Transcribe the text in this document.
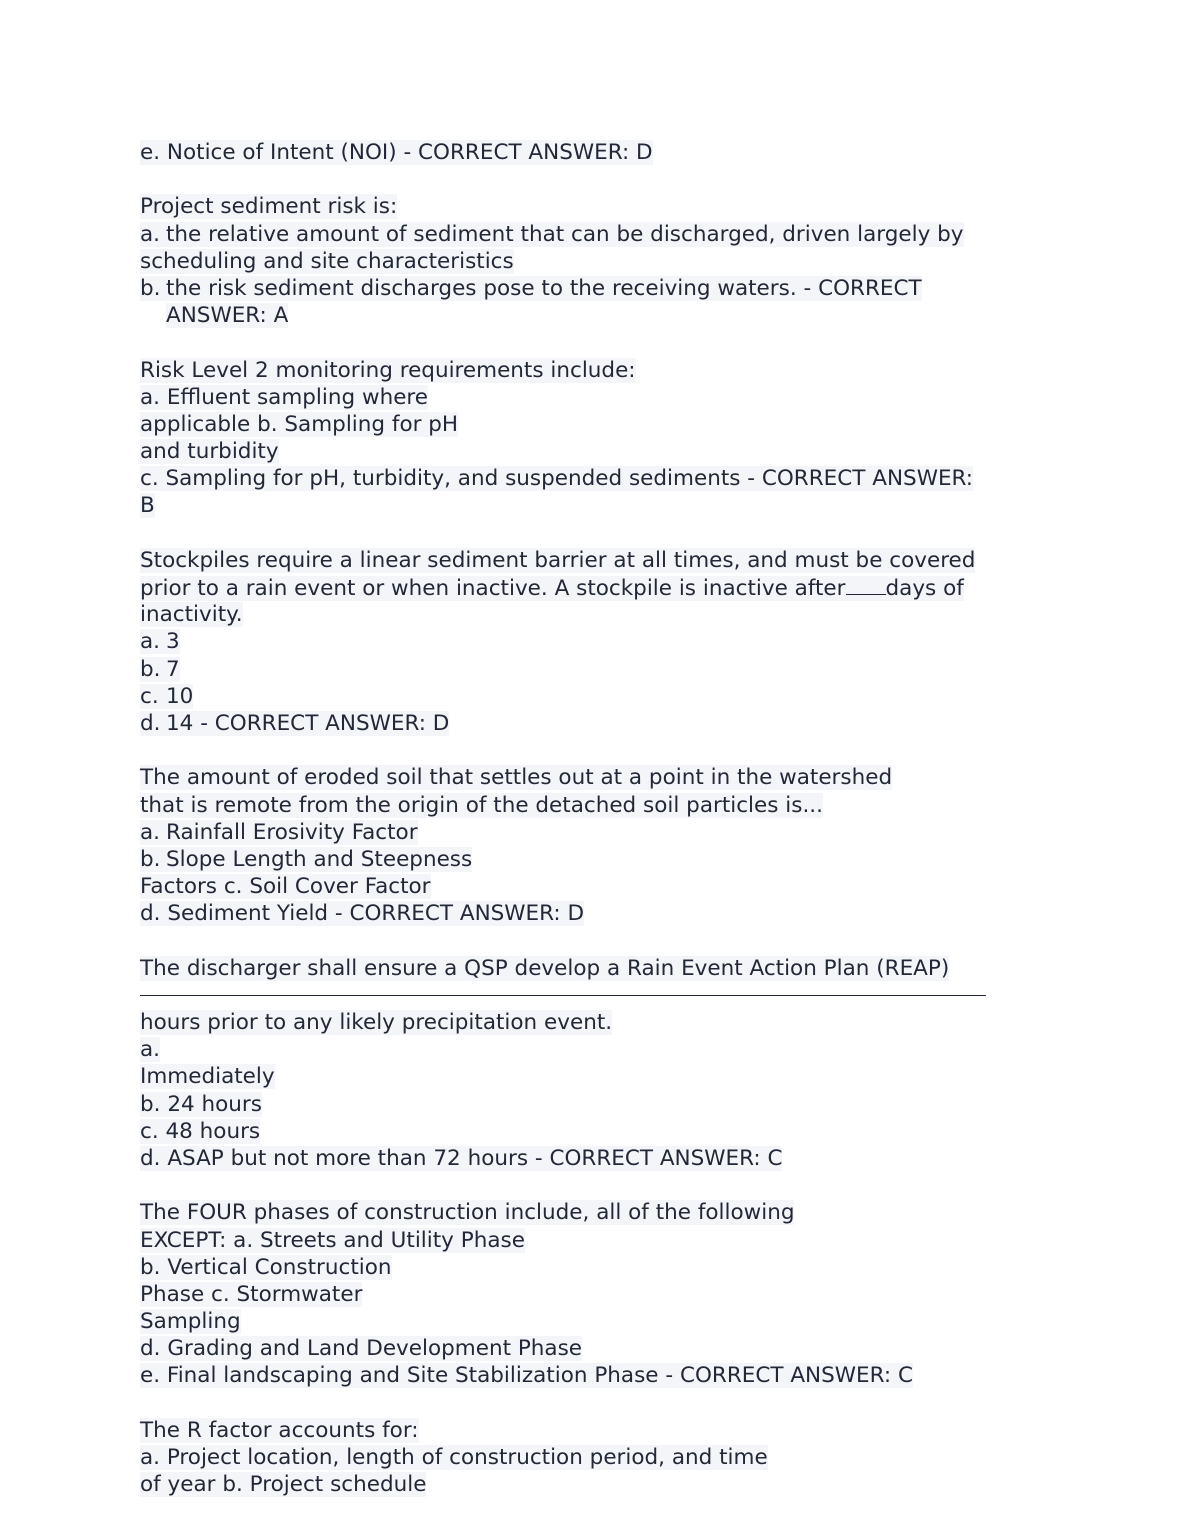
e. Notice of Intent (NOI) - CORRECT ANSWER: D
Project sediment risk is:
a. the relative amount of sediment that can be discharged, driven largely by
scheduling and site characteristics
b. the risk sediment discharges pose to the receiving waters. - CORRECT
ANSWER: A
Risk Level 2 monitoring requirements include:
a. Effluent sampling where
applicable b. Sampling for pH
and turbidity
c. Sampling for pH, turbidity, and suspended sediments - CORRECT ANSWER:
B
Stockpiles require a linear sediment barrier at all times, and must be covered
prior to a rain event or when inactive. A stockpile is inactive after days of
inactivity.
a. 3
b. 7
c. 10
d. 14 - CORRECT ANSWER: D
The amount of eroded soil that settles out at a point in the watershed
that is remote from the origin of the detached soil particles is...
a. Rainfall Erosivity Factor
b. Slope Length and Steepness
Factors c. Soil Cover Factor
d. Sediment Yield - CORRECT ANSWER: D
The discharger shall ensure a QSP develop a Rain Event Action Plan (REAP)
hours prior to any likely precipitation event.
a.
Immediately
b. 24 hours
c. 48 hours
d. ASAP but not more than 72 hours - CORRECT ANSWER: C
The FOUR phases of construction include, all of the following
EXCEPT: a. Streets and Utility Phase
b. Vertical Construction
Phase c. Stormwater
Sampling
d. Grading and Land Development Phase
e. Final landscaping and Site Stabilization Phase - CORRECT ANSWER: C
The R factor accounts for:
a. Project location, length of construction period, and time
of year b. Project schedule
